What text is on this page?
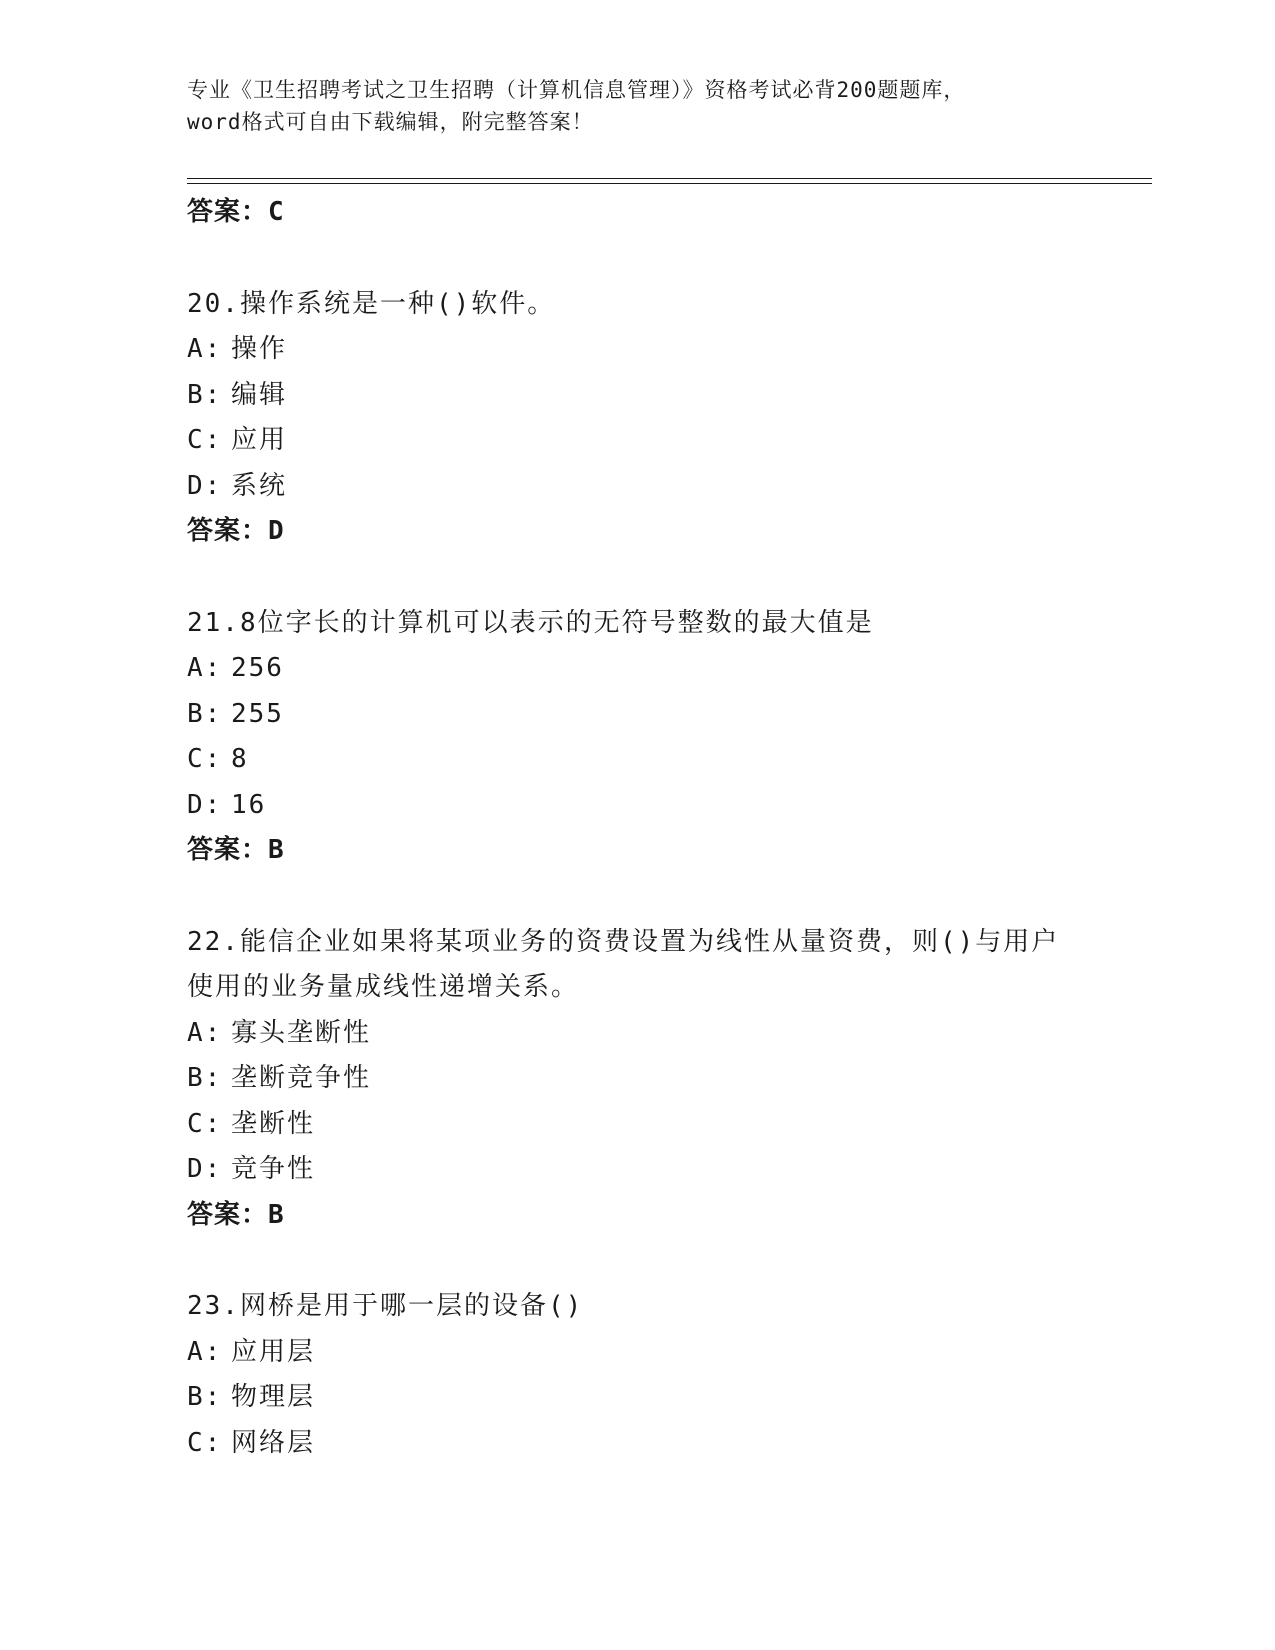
专业《卫生招聘考试之卫生招聘（计算机信息管理）》资格考试必背200题题库，
word格式可自由下载编辑，附完整答案！
答案：C
20.操作系统是一种()软件。
A: 操作
B: 编辑
C: 应用
D: 系统
答案：D
21.8位字长的计算机可以表示的无符号整数的最大值是
A: 256
B: 255
C: 8
D: 16
答案：B
22.能信企业如果将某项业务的资费设置为线性从量资费，则()与用户
使用的业务量成线性递增关系。
A: 寡头垄断性
B: 垄断竞争性
C: 垄断性
D: 竞争性
答案：B
23.网桥是用于哪一层的设备()
A: 应用层
B: 物理层
C: 网络层
